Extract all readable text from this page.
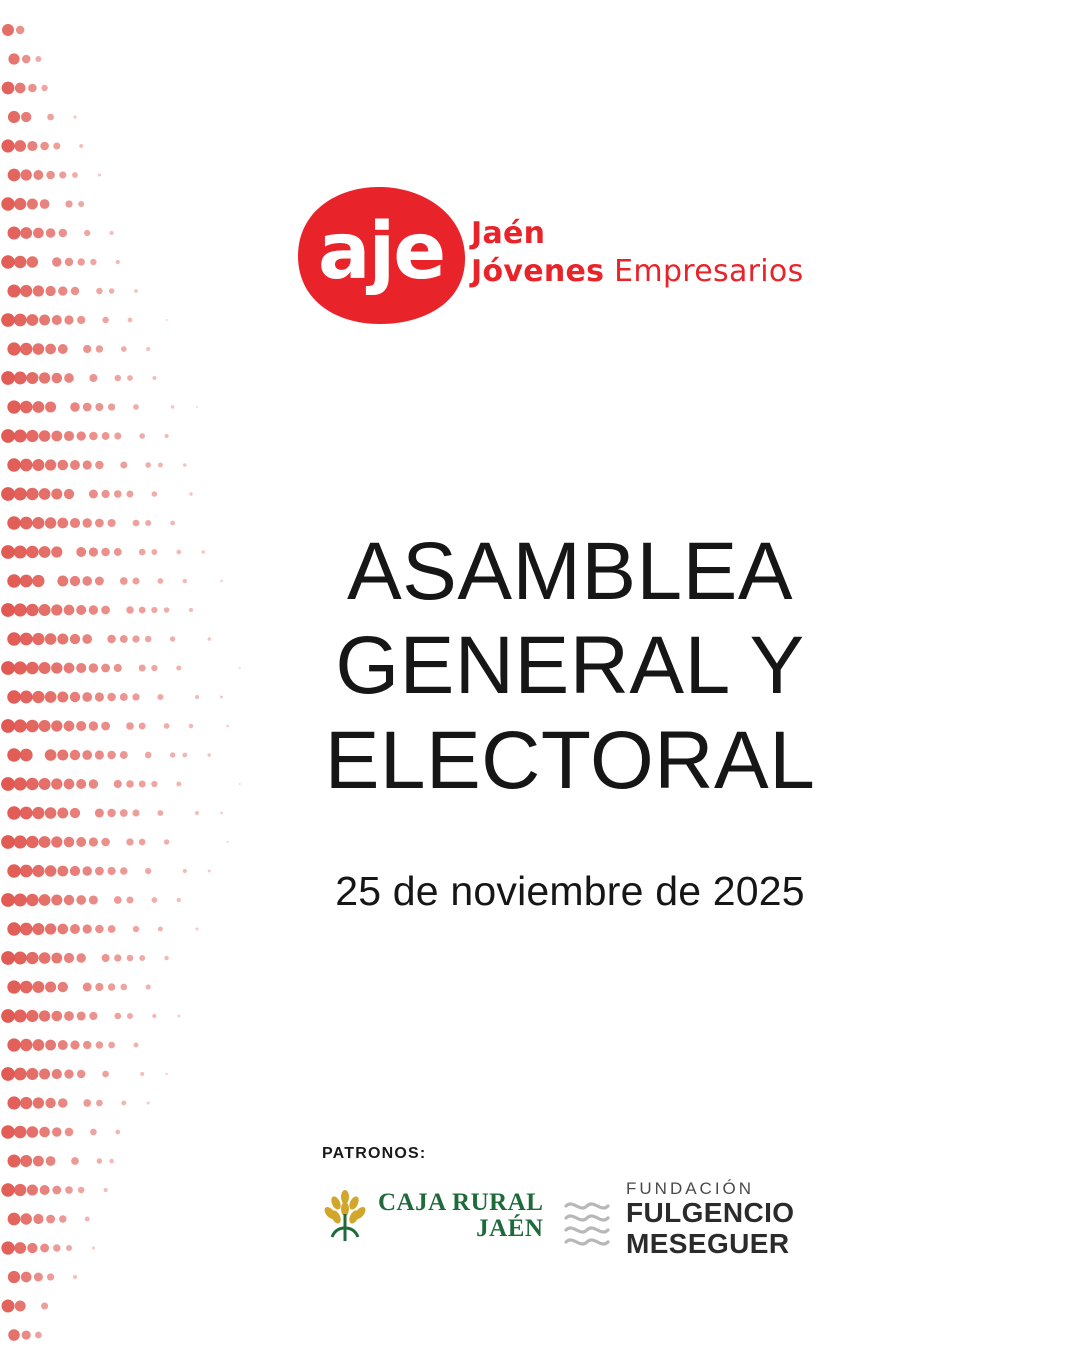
aje Jaén
Jóvenes Empresarios
ASAMBLEA
GENERAL Y
ELECTORAL
25 de noviembre de 2025
PATRONOS:
CAJA RURAL
JAÉN
FUNDACIÓN
FULGENCIO
MESEGUER
